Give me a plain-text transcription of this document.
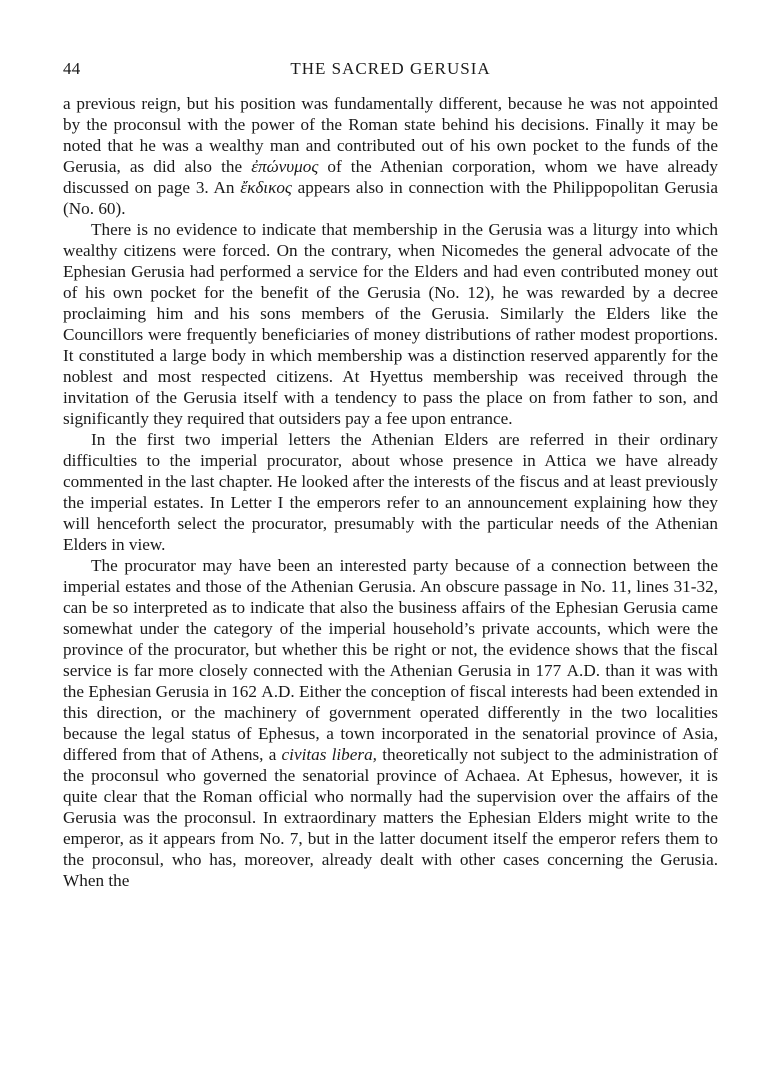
44	THE SACRED GERUSIA

a previous reign, but his position was fundamentally different, because he was not appointed by the proconsul with the power of the Roman state behind his decisions. Finally it may be noted that he was a wealthy man and contributed out of his own pocket to the funds of the Gerusia, as did also the ἐπώνυμος of the Athenian corporation, whom we have already discussed on page 3. An ἔκδικος appears also in connection with the Philippopolitan Gerusia (No. 60).

There is no evidence to indicate that membership in the Gerusia was a liturgy into which wealthy citizens were forced. On the contrary, when Nicomedes the general advocate of the Ephesian Gerusia had performed a service for the Elders and had even contributed money out of his own pocket for the benefit of the Gerusia (No. 12), he was rewarded by a decree proclaiming him and his sons members of the Gerusia. Similarly the Elders like the Councillors were frequently beneficiaries of money distributions of rather modest proportions. It constituted a large body in which membership was a distinction reserved apparently for the noblest and most respected citizens. At Hyettus membership was received through the invitation of the Gerusia itself with a tendency to pass the place on from father to son, and significantly they required that outsiders pay a fee upon entrance.

In the first two imperial letters the Athenian Elders are referred in their ordinary difficulties to the imperial procurator, about whose presence in Attica we have already commented in the last chapter. He looked after the interests of the fiscus and at least previously the imperial estates. In Letter I the emperors refer to an announcement explaining how they will henceforth select the procurator, presumably with the particular needs of the Athenian Elders in view.

The procurator may have been an interested party because of a connection between the imperial estates and those of the Athenian Gerusia. An obscure passage in No. 11, lines 31-32, can be so interpreted as to indicate that also the business affairs of the Ephesian Gerusia came somewhat under the category of the imperial household’s private accounts, which were the province of the procurator, but whether this be right or not, the evidence shows that the fiscal service is far more closely connected with the Athenian Gerusia in 177 A.D. than it was with the Ephesian Gerusia in 162 A.D. Either the conception of fiscal interests had been extended in this direction, or the machinery of government operated differently in the two localities because the legal status of Ephesus, a town incorporated in the senatorial province of Asia, differed from that of Athens, a civitas libera, theoretically not subject to the administration of the proconsul who governed the senatorial province of Achaea. At Ephesus, however, it is quite clear that the Roman official who normally had the supervision over the affairs of the Gerusia was the proconsul. In extraordinary matters the Ephesian Elders might write to the emperor, as it appears from No. 7, but in the latter document itself the emperor refers them to the proconsul, who has, moreover, already dealt with other cases concerning the Gerusia. When the
